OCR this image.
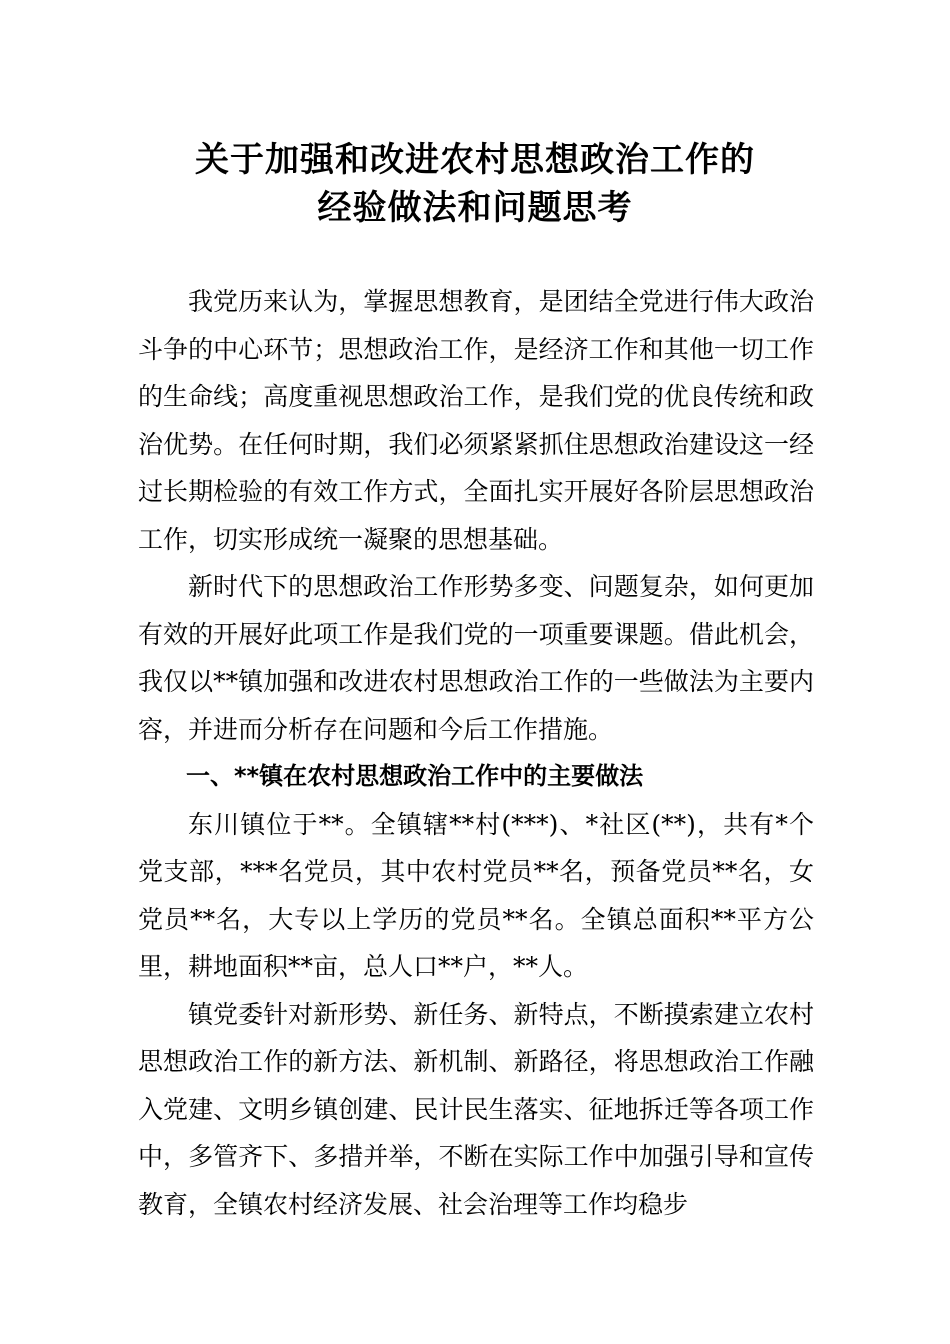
关于加强和改进农村思想政治工作的
经验做法和问题思考

我党历来认为，掌握思想教育，是团结全党进行伟大政治斗争的中心环节；思想政治工作，是经济工作和其他一切工作的生命线；高度重视思想政治工作，是我们党的优良传统和政治优势。在任何时期，我们必须紧紧抓住思想政治建设这一经过长期检验的有效工作方式，全面扎实开展好各阶层思想政治工作，切实形成统一凝聚的思想基础。

新时代下的思想政治工作形势多变、问题复杂，如何更加有效的开展好此项工作是我们党的一项重要课题。借此机会，我仅以**镇加强和改进农村思想政治工作的一些做法为主要内容，并进而分析存在问题和今后工作措施。

一、**镇在农村思想政治工作中的主要做法

东川镇位于**。全镇辖**村(***)、*社区(**)，共有*个党支部，***名党员，其中农村党员**名，预备党员**名，女党员**名，大专以上学历的党员**名。全镇总面积**平方公里，耕地面积**亩，总人口**户，**人。

镇党委针对新形势、新任务、新特点，不断摸索建立农村思想政治工作的新方法、新机制、新路径，将思想政治工作融入党建、文明乡镇创建、民计民生落实、征地拆迁等各项工作中，多管齐下、多措并举，不断在实际工作中加强引导和宣传教育，全镇农村经济发展、社会治理等工作均稳步
